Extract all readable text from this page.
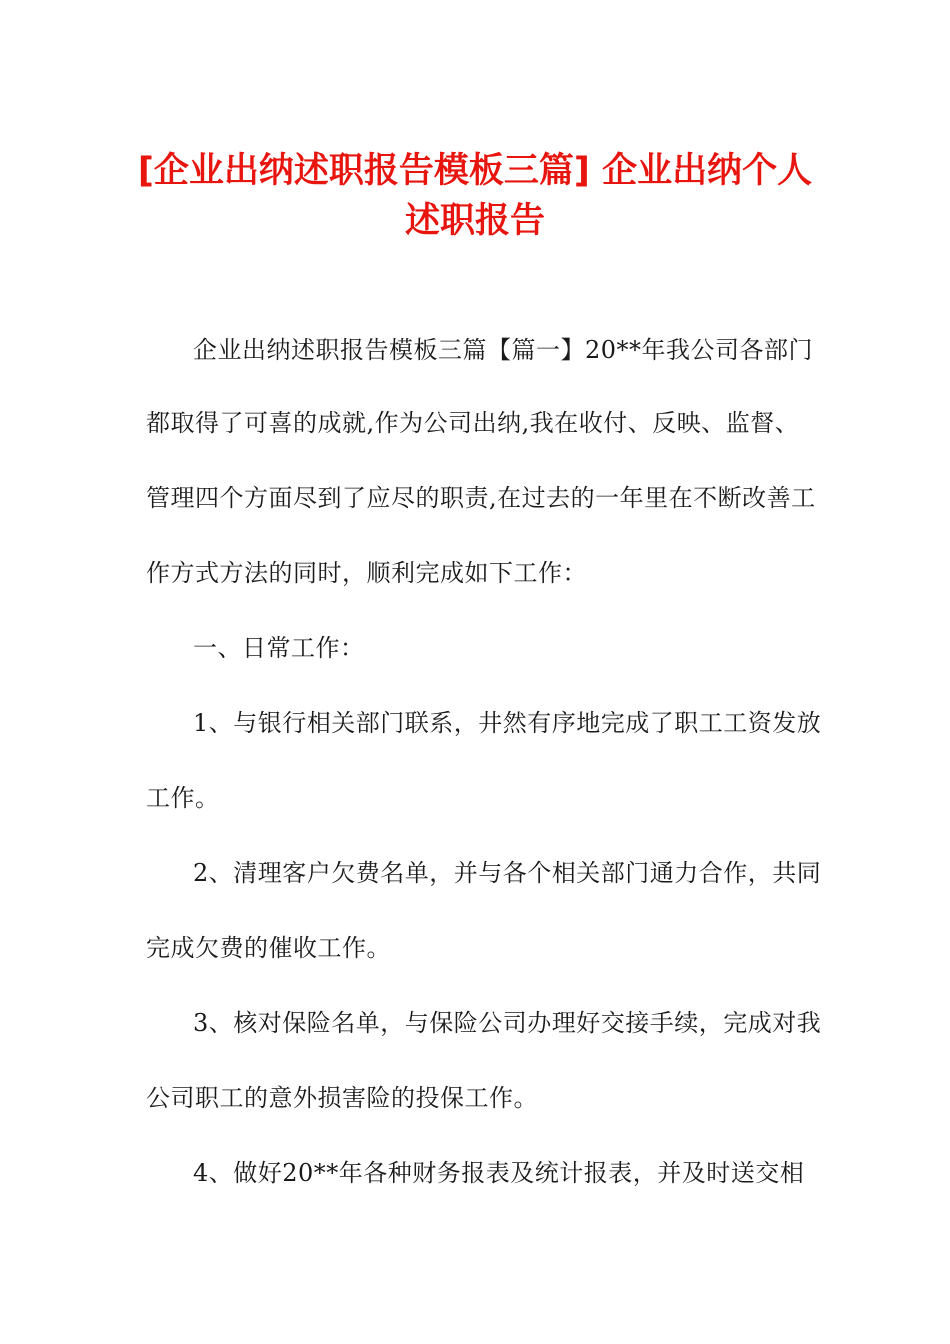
[企业出纳述职报告模板三篇] 企业出纳个人
述职报告

企业出纳述职报告模板三篇【篇一】20**年我公司各部门

都取得了可喜的成就,作为公司出纳,我在收付、反映、监督、

管理四个方面尽到了应尽的职责,在过去的一年里在不断改善工

作方式方法的同时，顺利完成如下工作：

一、日常工作：

1、与银行相关部门联系，井然有序地完成了职工工资发放

工作。

2、清理客户欠费名单，并与各个相关部门通力合作，共同

完成欠费的催收工作。

3、核对保险名单，与保险公司办理好交接手续，完成对我

公司职工的意外损害险的投保工作。

4、做好20**年各种财务报表及统计报表，并及时送交相
